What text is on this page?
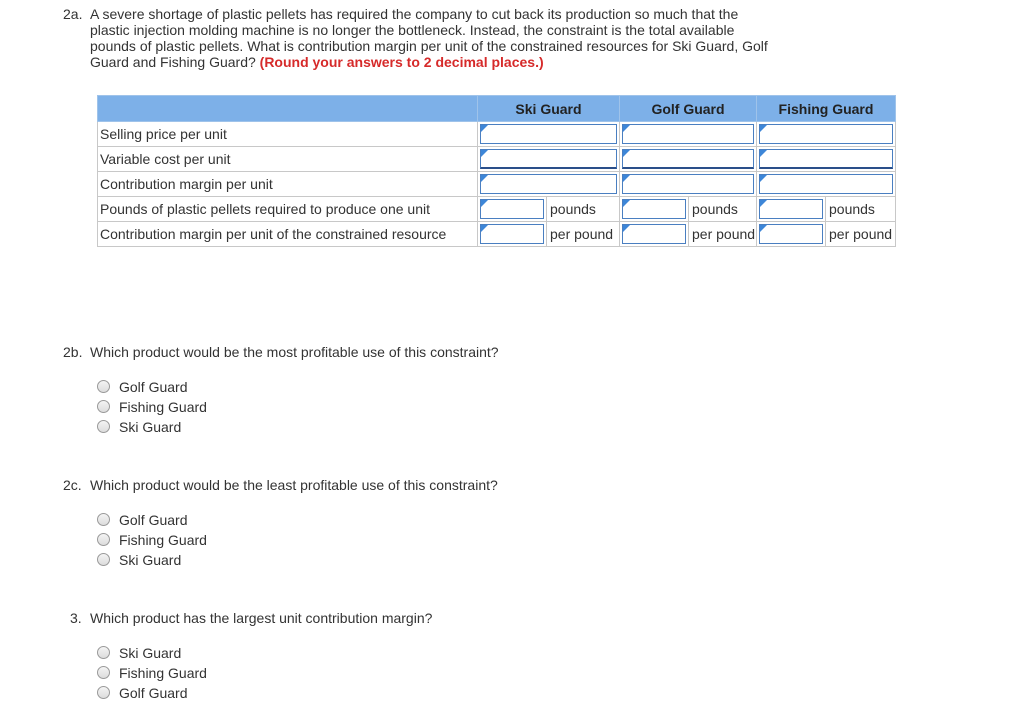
2a. A severe shortage of plastic pellets has required the company to cut back its production so much that the plastic injection molding machine is no longer the bottleneck. Instead, the constraint is the total available pounds of plastic pellets. What is contribution margin per unit of the constrained resources for Ski Guard, Golf Guard and Fishing Guard? (Round your answers to 2 decimal places.)
	Ski Guard	Golf Guard	Fishing Guard
Selling price per unit	

Variable cost per unit	

Contribution margin per unit	

Pounds of plastic pellets required to produce one unit	pounds	pounds	pounds

Contribution margin per unit of the constrained resource	per pound	per pound	per pound
2b. Which product would be the most profitable use of this constraint?
Golf Guard
Fishing Guard
Ski Guard
2c. Which product would be the least profitable use of this constraint?
Golf Guard
Fishing Guard
Ski Guard
3. Which product has the largest unit contribution margin?
Ski Guard
Fishing Guard
Golf Guard
